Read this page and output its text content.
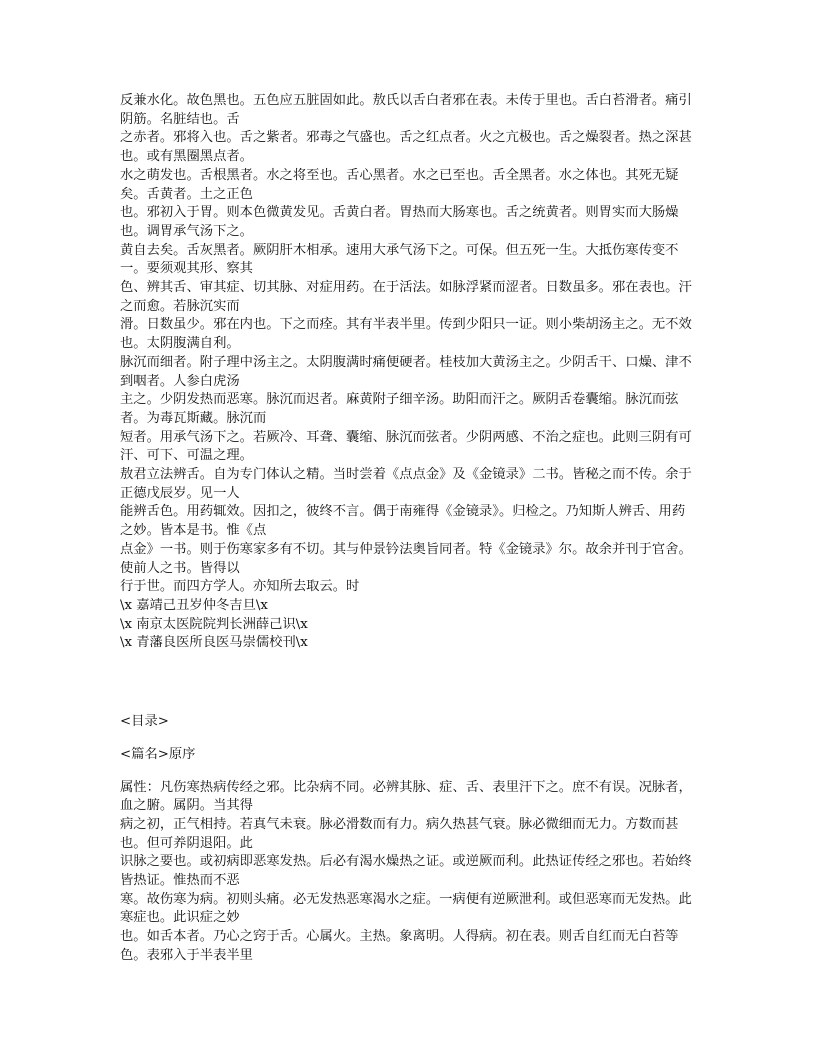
反兼水化。故色黑也。五色应五脏固如此。敖氏以舌白者邪在表。未传于里也。舌白苔滑者。痛引阴筋。名脏结也。舌

之赤者。邪将入也。舌之紫者。邪毒之气盛也。舌之红点者。火之亢极也。舌之燥裂者。热之深甚也。或有黑圈黑点者。

水之萌发也。舌根黑者。水之将至也。舌心黑者。水之已至也。舌全黑者。水之体也。其死无疑矣。舌黄者。土之正色

也。邪初入于胃。则本色微黄发见。舌黄白者。胃热而大肠寒也。舌之统黄者。则胃实而大肠燥也。调胃承气汤下之。

黄自去矣。舌灰黑者。厥阴肝木相承。速用大承气汤下之。可保。但五死一生。大抵伤寒传变不一。要须观其形、察其

色、辨其舌、审其症、切其脉、对症用药。在于活法。如脉浮紧而涩者。日数虽多。邪在表也。汗之而愈。若脉沉实而

滑。日数虽少。邪在内也。下之而痊。其有半表半里。传到少阳只一证。则小柴胡汤主之。无不效也。太阴腹满自利。

脉沉而细者。附子理中汤主之。太阴腹满时痛便硬者。桂枝加大黄汤主之。少阴舌干、口燥、津不到咽者。人参白虎汤

主之。少阴发热而恶寒。脉沉而迟者。麻黄附子细辛汤。助阳而汗之。厥阴舌卷囊缩。脉沉而弦者。为毒瓦斯藏。脉沉而

短者。用承气汤下之。若厥冷、耳聋、囊缩、脉沉而弦者。少阴两感、不治之症也。此则三阴有可汗、可下、可温之理。

敖君立法辨舌。自为专门体认之精。当时尝着《点点金》及《金镜录》二书。皆秘之而不传。余于正德戊辰岁。见一人

能辨舌色。用药辄效。因扣之，彼终不言。偶于南雍得《金镜录》。归检之。乃知斯人辨舌、用药之妙。皆本是书。惟《点

点金》一书。则于伤寒家多有不切。其与仲景钤法奥旨同者。特《金镜录》尔。故余并刊于官舍。使前人之书。皆得以

行于世。而四方学人。亦知所去取云。时

\x 嘉靖己丑岁仲冬吉旦\x

\x 南京太医院院判长洲薛己识\x

\x 青藩良医所良医马崇儒校刊\x

<目录>

<篇名>原序

属性：凡伤寒热病传经之邪。比杂病不同。必辨其脉、症、舌、表里汗下之。庶不有误。况脉者，血之腑。属阴。当其得

病之初，正气相持。若真气未衰。脉必滑数而有力。病久热甚气衰。脉必微细而无力。方数而甚也。但可养阴退阳。此

识脉之要也。或初病即恶寒发热。后必有渴水燥热之证。或逆厥而利。此热证传经之邪也。若始终皆热证。惟热而不恶

寒。故伤寒为病。初则头痛。必无发热恶寒渴水之症。一病便有逆厥泄利。或但恶寒而无发热。此寒症也。此识症之妙

也。如舌本者。乃心之窍于舌。心属火。主热。象离明。人得病。初在表。则舌自红而无白苔等色。表邪入于半表半里
